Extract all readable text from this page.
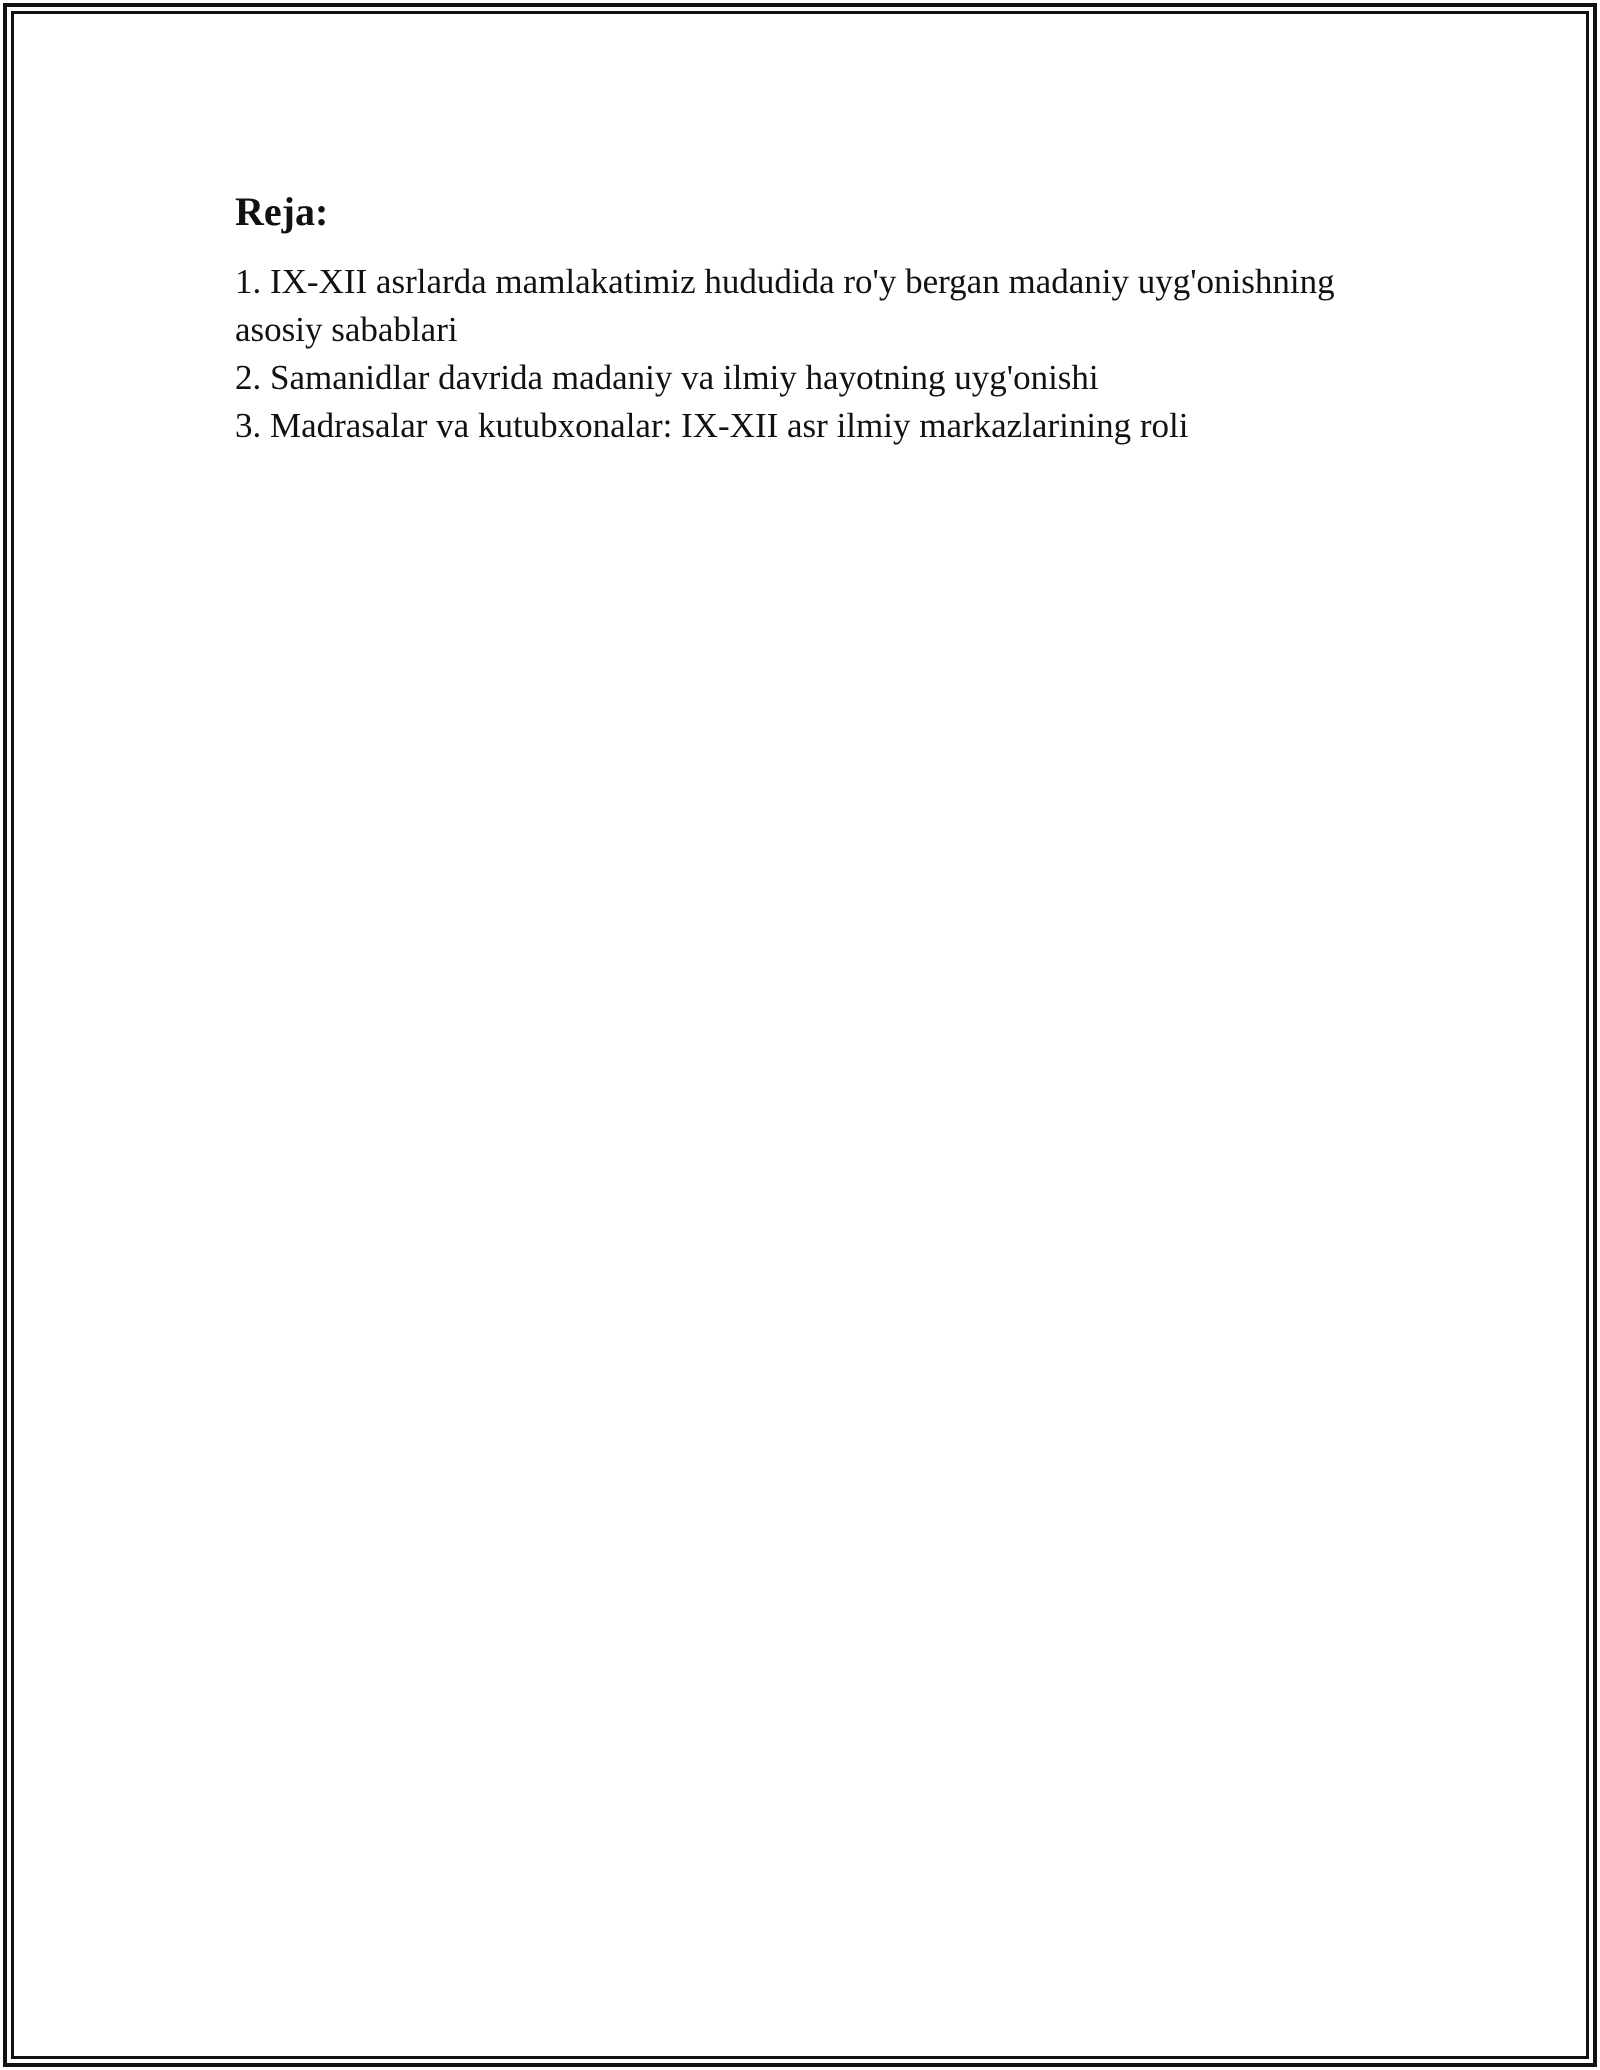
Reja:
1. IX-XII asrlarda mamlakatimiz hududida ro'y bergan madaniy uyg'onishning asosiy sabablari
2. Samanidlar davrida madaniy va ilmiy hayotning uyg'onishi
3. Madrasalar va kutubxonalar: IX-XII asr ilmiy markazlarining roli
